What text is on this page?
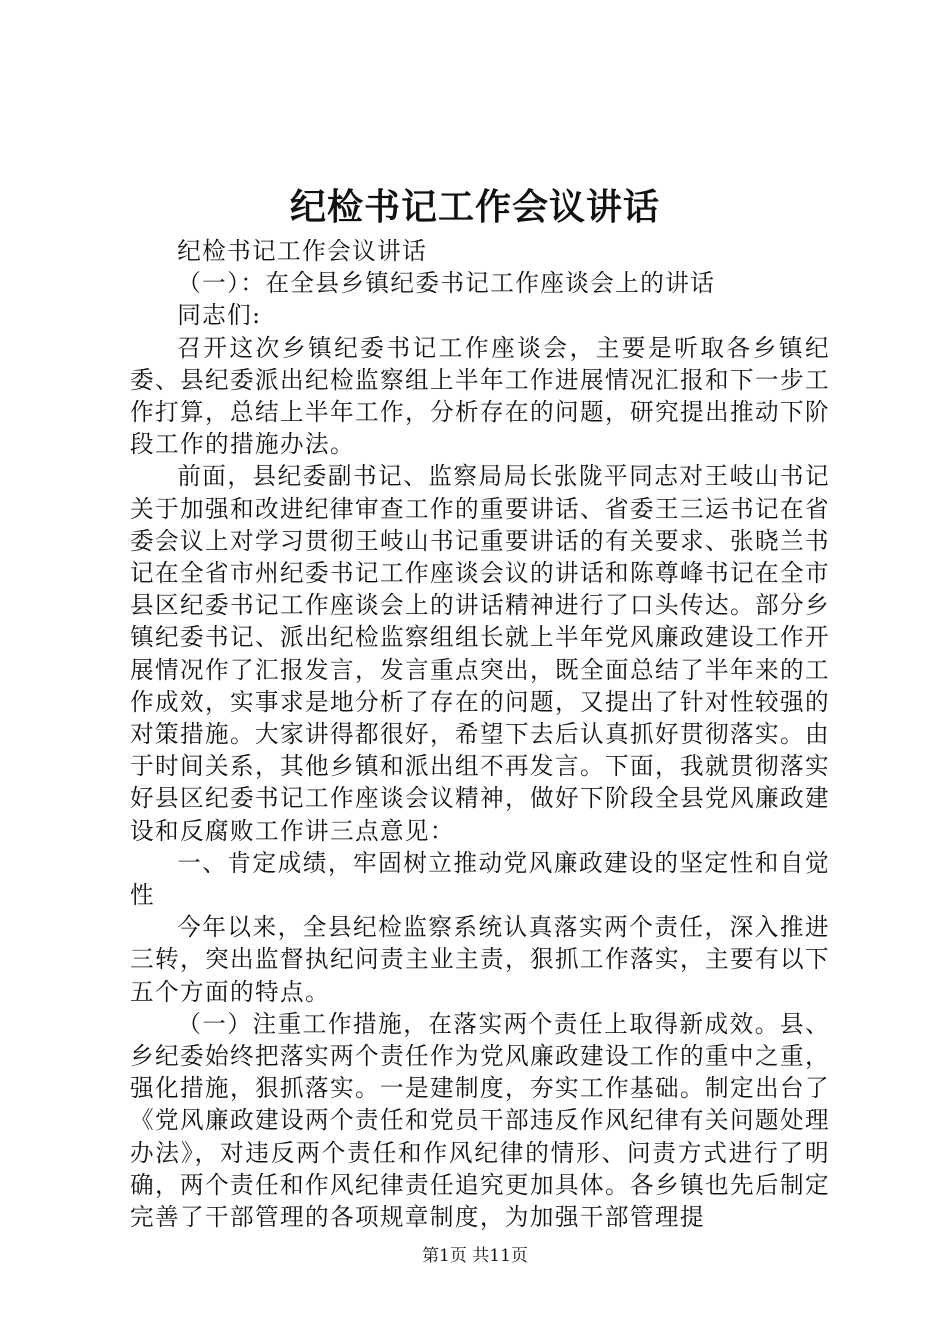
纪检书记工作会议讲话

纪检书记工作会议讲话

（一）：在全县乡镇纪委书记工作座谈会上的讲话

同志们:

召开这次乡镇纪委书记工作座谈会，主要是听取各乡镇纪委、县纪委派出纪检监察组上半年工作进展情况汇报和下一步工作打算，总结上半年工作，分析存在的问题，研究提出推动下阶段工作的措施办法。

前面，县纪委副书记、监察局局长张陇平同志对王岐山书记关于加强和改进纪律审查工作的重要讲话、省委王三运书记在省委会议上对学习贯彻王岐山书记重要讲话的有关要求、张晓兰书记在全省市州纪委书记工作座谈会议的讲话和陈尊峰书记在全市县区纪委书记工作座谈会上的讲话精神进行了口头传达。部分乡镇纪委书记、派出纪检监察组组长就上半年党风廉政建设工作开展情况作了汇报发言，发言重点突出，既全面总结了半年来的工作成效，实事求是地分析了存在的问题，又提出了针对性较强的对策措施。大家讲得都很好，希望下去后认真抓好贯彻落实。由于时间关系，其他乡镇和派出组不再发言。下面，我就贯彻落实好县区纪委书记工作座谈会议精神，做好下阶段全县党风廉政建设和反腐败工作讲三点意见：

一、肯定成绩，牢固树立推动党风廉政建设的坚定性和自觉性

今年以来，全县纪检监察系统认真落实两个责任，深入推进三转，突出监督执纪问责主业主责，狠抓工作落实，主要有以下五个方面的特点。

（一）注重工作措施，在落实两个责任上取得新成效。县、乡纪委始终把落实两个责任作为党风廉政建设工作的重中之重，强化措施，狠抓落实。一是建制度，夯实工作基础。制定出台了《党风廉政建设两个责任和党员干部违反作风纪律有关问题处理办法》，对违反两个责任和作风纪律的情形、问责方式进行了明确，两个责任和作风纪律责任追究更加具体。各乡镇也先后制定完善了干部管理的各项规章制度，为加强干部管理提

第1页 共11页
